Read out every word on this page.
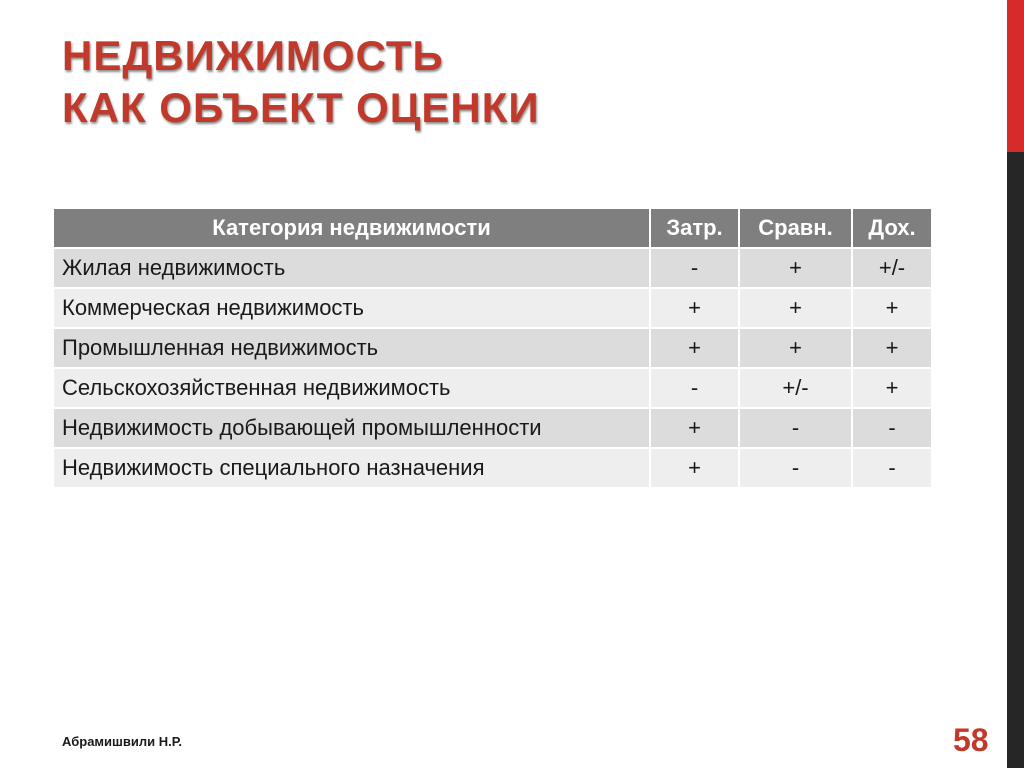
НЕДВИЖИМОСТЬ
КАК ОБЪЕКТ ОЦЕНКИ
Категория недвижимости	Затр.	Сравн.	Дох.
Жилая недвижимость	-	+	+/-
Коммерческая недвижимость	+	+	+
Промышленная недвижимость	+	+	+
Сельскохозяйственная недвижимость	-	+/-	+
Недвижимость добывающей промышленности	+	-	-
Недвижимость специального назначения	+	-	-
Абрамишвили Н.Р.	58
